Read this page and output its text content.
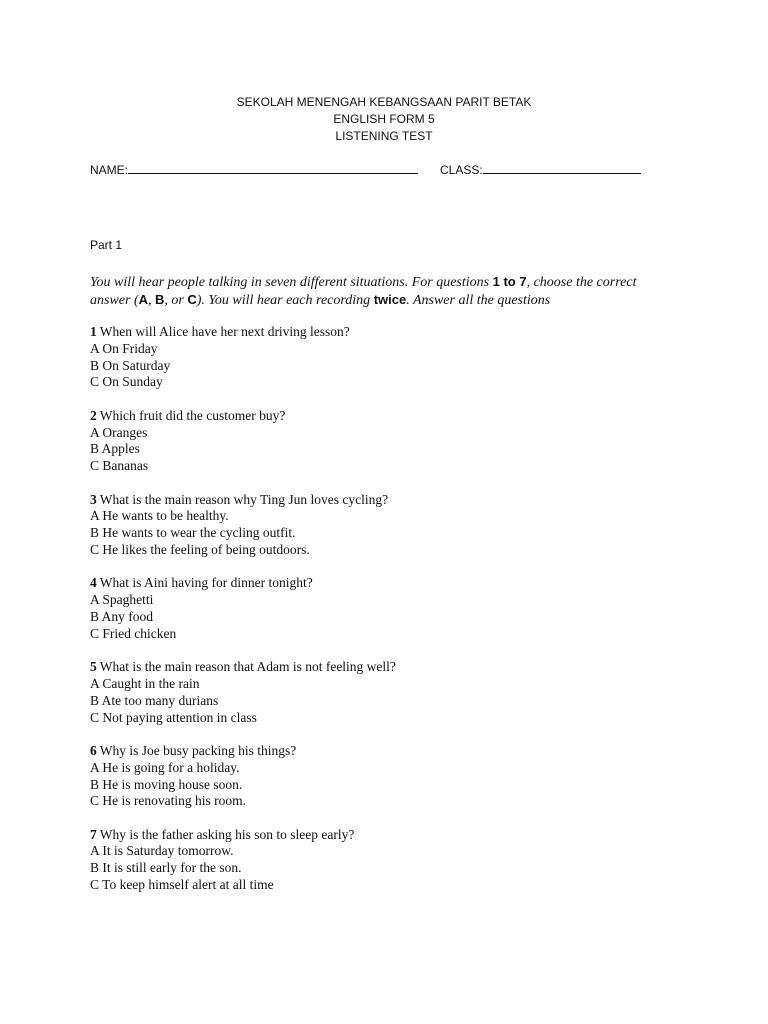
SEKOLAH MENENGAH KEBANGSAAN PARIT BETAK
ENGLISH FORM 5
LISTENING TEST
NAME:	CLASS:
Part 1
You will hear people talking in seven different situations. For questions 1 to 7, choose the correct answer (A, B, or C). You will hear each recording twice. Answer all the questions
1 When will Alice have her next driving lesson?
A On Friday
B On Saturday
C On Sunday
2 Which fruit did the customer buy?
A Oranges
B Apples
C Bananas
3 What is the main reason why Ting Jun loves cycling?
A He wants to be healthy.
B He wants to wear the cycling outfit.
C He likes the feeling of being outdoors.
4 What is Aini having for dinner tonight?
A Spaghetti
B Any food
C Fried chicken
5 What is the main reason that Adam is not feeling well?
A Caught in the rain
B Ate too many durians
C Not paying attention in class
6 Why is Joe busy packing his things?
A He is going for a holiday.
B He is moving house soon.
C He is renovating his room.
7 Why is the father asking his son to sleep early?
A It is Saturday tomorrow.
B It is still early for the son.
C To keep himself alert at all time
